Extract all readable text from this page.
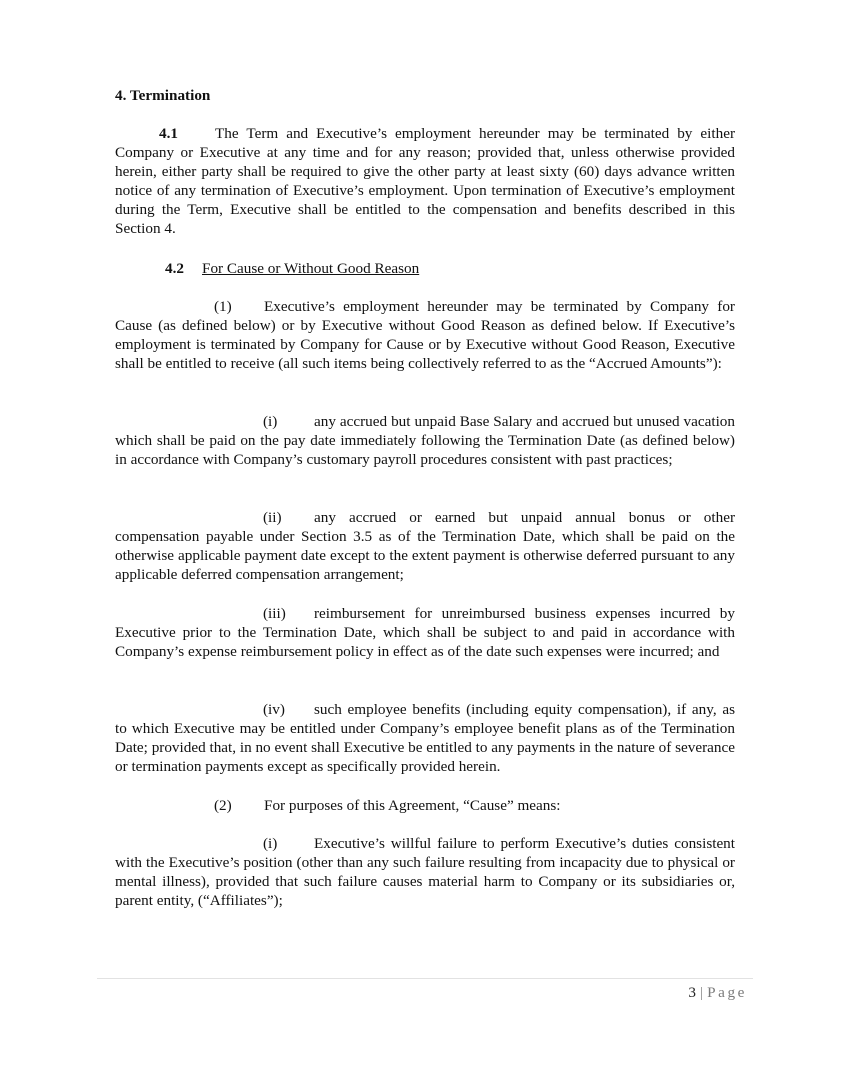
4. Termination

4.1 The Term and Executive’s employment hereunder may be terminated by either Company or Executive at any time and for any reason; provided that, unless otherwise provided herein, either party shall be required to give the other party at least sixty (60) days advance written notice of any termination of Executive’s employment. Upon termination of Executive’s employment during the Term, Executive shall be entitled to the compensation and benefits described in this Section 4.

4.2 For Cause or Without Good Reason

(1) Executive’s employment hereunder may be terminated by Company for Cause (as defined below) or by Executive without Good Reason as defined below. If Executive’s employment is terminated by Company for Cause or by Executive without Good Reason, Executive shall be entitled to receive (all such items being collectively referred to as the “Accrued Amounts”):

(i) any accrued but unpaid Base Salary and accrued but unused vacation which shall be paid on the pay date immediately following the Termination Date (as defined below) in accordance with Company’s customary payroll procedures consistent with past practices;

(ii) any accrued or earned but unpaid annual bonus or other compensation payable under Section 3.5 as of the Termination Date, which shall be paid on the otherwise applicable payment date except to the extent payment is otherwise deferred pursuant to any applicable deferred compensation arrangement;

(iii) reimbursement for unreimbursed business expenses incurred by Executive prior to the Termination Date, which shall be subject to and paid in accordance with Company’s expense reimbursement policy in effect as of the date such expenses were incurred; and

(iv) such employee benefits (including equity compensation), if any, as to which Executive may be entitled under Company’s employee benefit plans as of the Termination Date; provided that, in no event shall Executive be entitled to any payments in the nature of severance or termination payments except as specifically provided herein.

(2) For purposes of this Agreement, “Cause” means:

(i) Executive’s willful failure to perform Executive’s duties consistent with the Executive’s position (other than any such failure resulting from incapacity due to physical or mental illness), provided that such failure causes material harm to Company or its subsidiaries or, parent entity, (“Affiliates”);

3 | Page
